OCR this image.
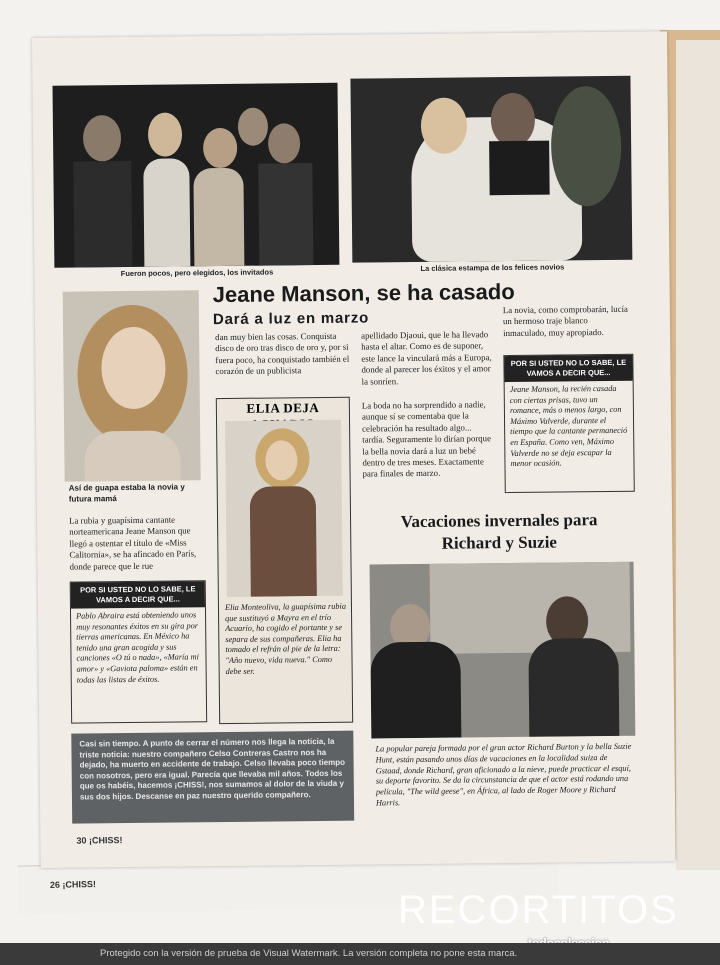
26 ¡CHISS!
Fueron pocos, pero elegidos, los invitados	La clásica estampa de los felices novios
Así de guapa estaba la novia y futura mamá
Jeane Manson, se ha casado
Dará a luz en marzo
dan muy bien las cosas. Conquista disco de oro tras disco de oro y, por si fuera poco, ha conquistado también el corazón de un publicista
apellidado Djaoui, que le ha llevado hasta el altar. Como es de suponer, este lance la vinculará más a Europa, donde al parecer los éxitos y el amor la sonríen.
La boda no ha sorprendido a nadie, aunque sí se comentaba que la celebración ha resultado algo... tardía. Seguramente lo dirían porque la bella novia dará a luz un bebé dentro de tres meses. Exactamente para finales de marzo.
La novia, como comprobarán, lucía un hermoso traje blanco inmaculado, muy apropiado.
POR SI USTED NO LO SABE, LE VAMOS A DECIR QUE...
Jeane Manson, la recién casada con ciertas prisas, tuvo un romance, más o menos largo, con Máximo Valverde, durante el tiempo que la cantante permaneció en España. Como ven, Máximo Valverde no se deja escapar la menor ocasión.
La rubia y guapísima cantante norteamericana Jeane Manson que llegó a ostentar el título de «Miss Calitornia», se ha afincado en París, donde parece que le rue
POR SI USTED NO LO SABE, LE VAMOS A DECIR QUE...
Pablo Abraira está obteniendo unos muy resonantes éxitos en su gira por tierras americanas. En México ha tenido una gran acogida y sus canciones «O tú o nada», «María mi amor» y «Gaviota paloma» están en todas las listas de éxitos.
ELIA DEJA
Elia Monteoliva, la guapísima rubia que sustituyó a Mayra en el trío Acuario, ha cogido el portante y se separa de sus compañeras. Elia ha tomado el refrán al pie de la letra: "Año nuevo, vida nueva." Como debe ser.
Vacaciones invernales para
Richard y Suzie
La popular pareja formada por el gran actor Richard Burton y la bella Suzie Hunt, están pasando unos días de vacaciones en la localidad suiza de Gstaad, donde Richard, gran aficionado a la nieve, puede practicar el esquí, su deporte favorito. Se da la circunstancia de que el actor está rodando una película, "The wild geese", en África, al lado de Roger Moore y Richard Harris.
Casi sin tiempo. A punto de cerrar el número nos llega la noticia, la triste noticia: nuestro compañero Celso Contreras Castro nos ha dejado, ha muerto en accidente de trabajo. Celso llevaba poco tiempo con nosotros, pero era igual. Parecía que llevaba mil años. Todos los que os habéis, hacemos ¡CHISS!, nos sumamos al dolor de la viuda y sus dos hijos. Descanse en paz nuestro querido compañero.
30 ¡CHISS!
RECORTITOS
Protegido con la versión de prueba de Visual Watermark. La versión completa no pone esta marca.
